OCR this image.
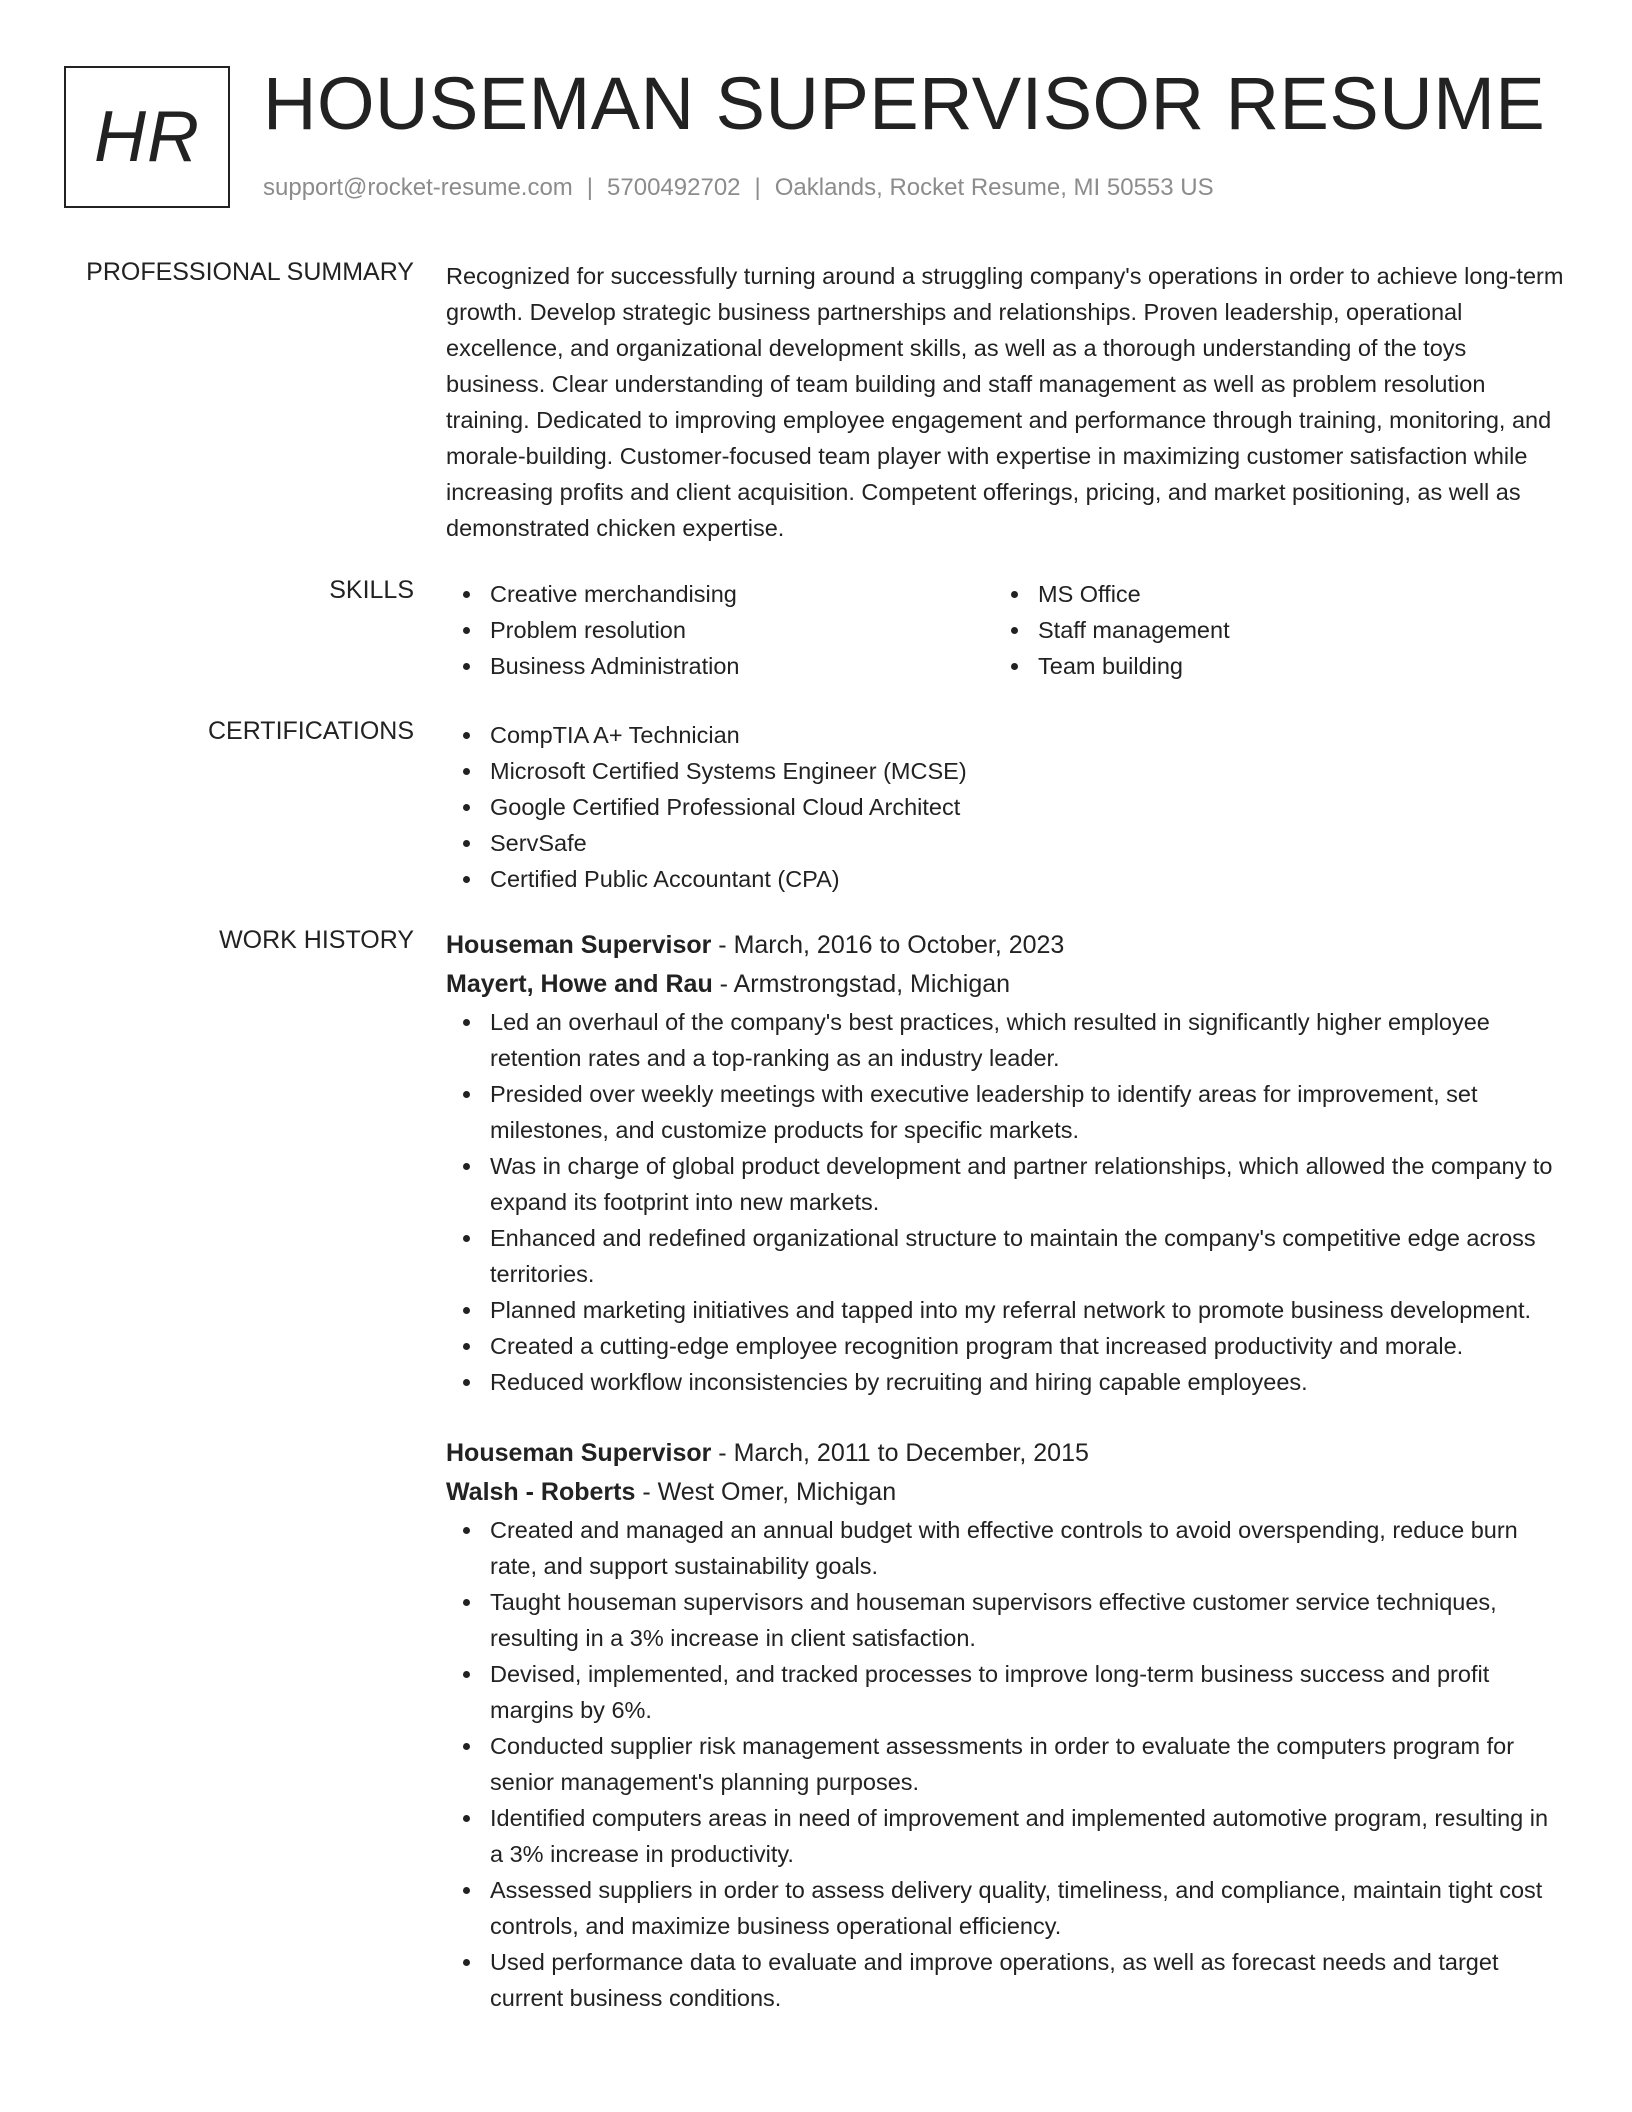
HR HOUSEMAN SUPERVISOR RESUME
support@rocket-resume.com | 5700492702 | Oaklands, Rocket Resume, MI 50553 US
PROFESSIONAL SUMMARY Recognized for successfully turning around a struggling company's operations in order to achieve long-term growth. Develop strategic business partnerships and relationships. Proven leadership, operational excellence, and organizational development skills, as well as a thorough understanding of the toys business. Clear understanding of team building and staff management as well as problem resolution training. Dedicated to improving employee engagement and performance through training, monitoring, and morale-building. Customer-focused team player with expertise in maximizing customer satisfaction while increasing profits and client acquisition. Competent offerings, pricing, and market positioning, as well as demonstrated chicken expertise.

SKILLS	Creative merchandising
Problem resolution
Business Administration
MS Office
Staff management
Team building
CERTIFICATIONS	CompTIA A+ Technician
Microsoft Certified Systems Engineer (MCSE)
Google Certified Professional Cloud Architect
ServSafe
Certified Public Accountant (CPA)
WORK HISTORY Houseman Supervisor - March, 2016 to October, 2023

Mayert, Howe and Rau - Armstrongstad, Michigan

Led an overhaul of the company's best practices, which resulted in significantly higher employee retention rates and a top-ranking as an industry leader.
Presided over weekly meetings with executive leadership to identify areas for improvement, set milestones, and customize products for specific markets.
Was in charge of global product development and partner relationships, which allowed the company to expand its footprint into new markets.
Enhanced and redefined organizational structure to maintain the company's competitive edge across territories.
Planned marketing initiatives and tapped into my referral network to promote business development.
Created a cutting-edge employee recognition program that increased productivity and morale.
Reduced workflow inconsistencies by recruiting and hiring capable employees.

Houseman Supervisor - March, 2011 to December, 2015

Walsh - Roberts - West Omer, Michigan

Created and managed an annual budget with effective controls to avoid overspending, reduce burn rate, and support sustainability goals.
Taught houseman supervisors and houseman supervisors effective customer service techniques, resulting in a 3% increase in client satisfaction.
Devised, implemented, and tracked processes to improve long-term business success and profit margins by 6%.
Conducted supplier risk management assessments in order to evaluate the computers program for senior management's planning purposes.
Identified computers areas in need of improvement and implemented automotive program, resulting in a 3% increase in productivity.
Assessed suppliers in order to assess delivery quality, timeliness, and compliance, maintain tight cost controls, and maximize business operational efficiency.
Used performance data to evaluate and improve operations, as well as forecast needs and target current business conditions.
